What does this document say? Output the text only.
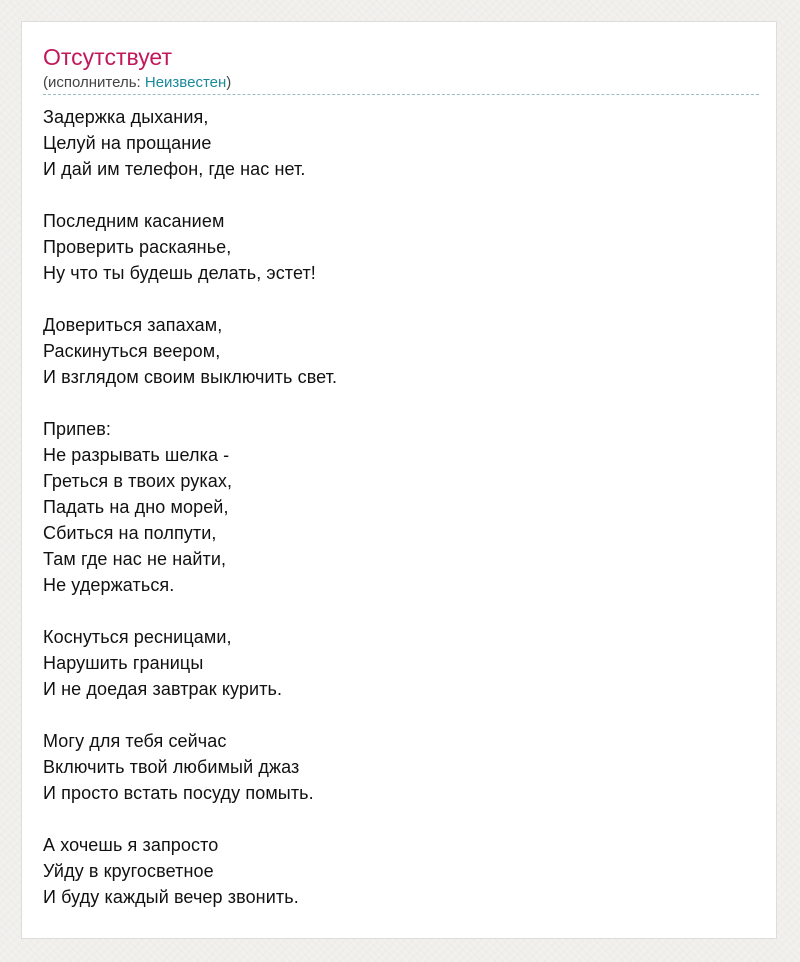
Отсутствует
(исполнитель: Неизвестен)
Задержка дыхания,
Целуй на прощание
И дай им телефон, где нас нет.
Последним касанием
Проверить раскаянье,
Ну что ты будешь делать, эстет!
Довериться запахам,
Раскинуться веером,
И взглядом своим выключить свет.
Припев:
Не разрывать шелка -
Греться в твоих руках,
Падать на дно морей,
Сбиться на полпути,
Там где нас не найти,
Не удержаться.
Коснуться ресницами,
Нарушить границы
И не доедая завтрак курить.
Могу для тебя сейчас
Включить твой любимый джаз
И просто встать посуду помыть.
А хочешь я запросто
Уйду в кругосветное
И буду каждый вечер звонить.
